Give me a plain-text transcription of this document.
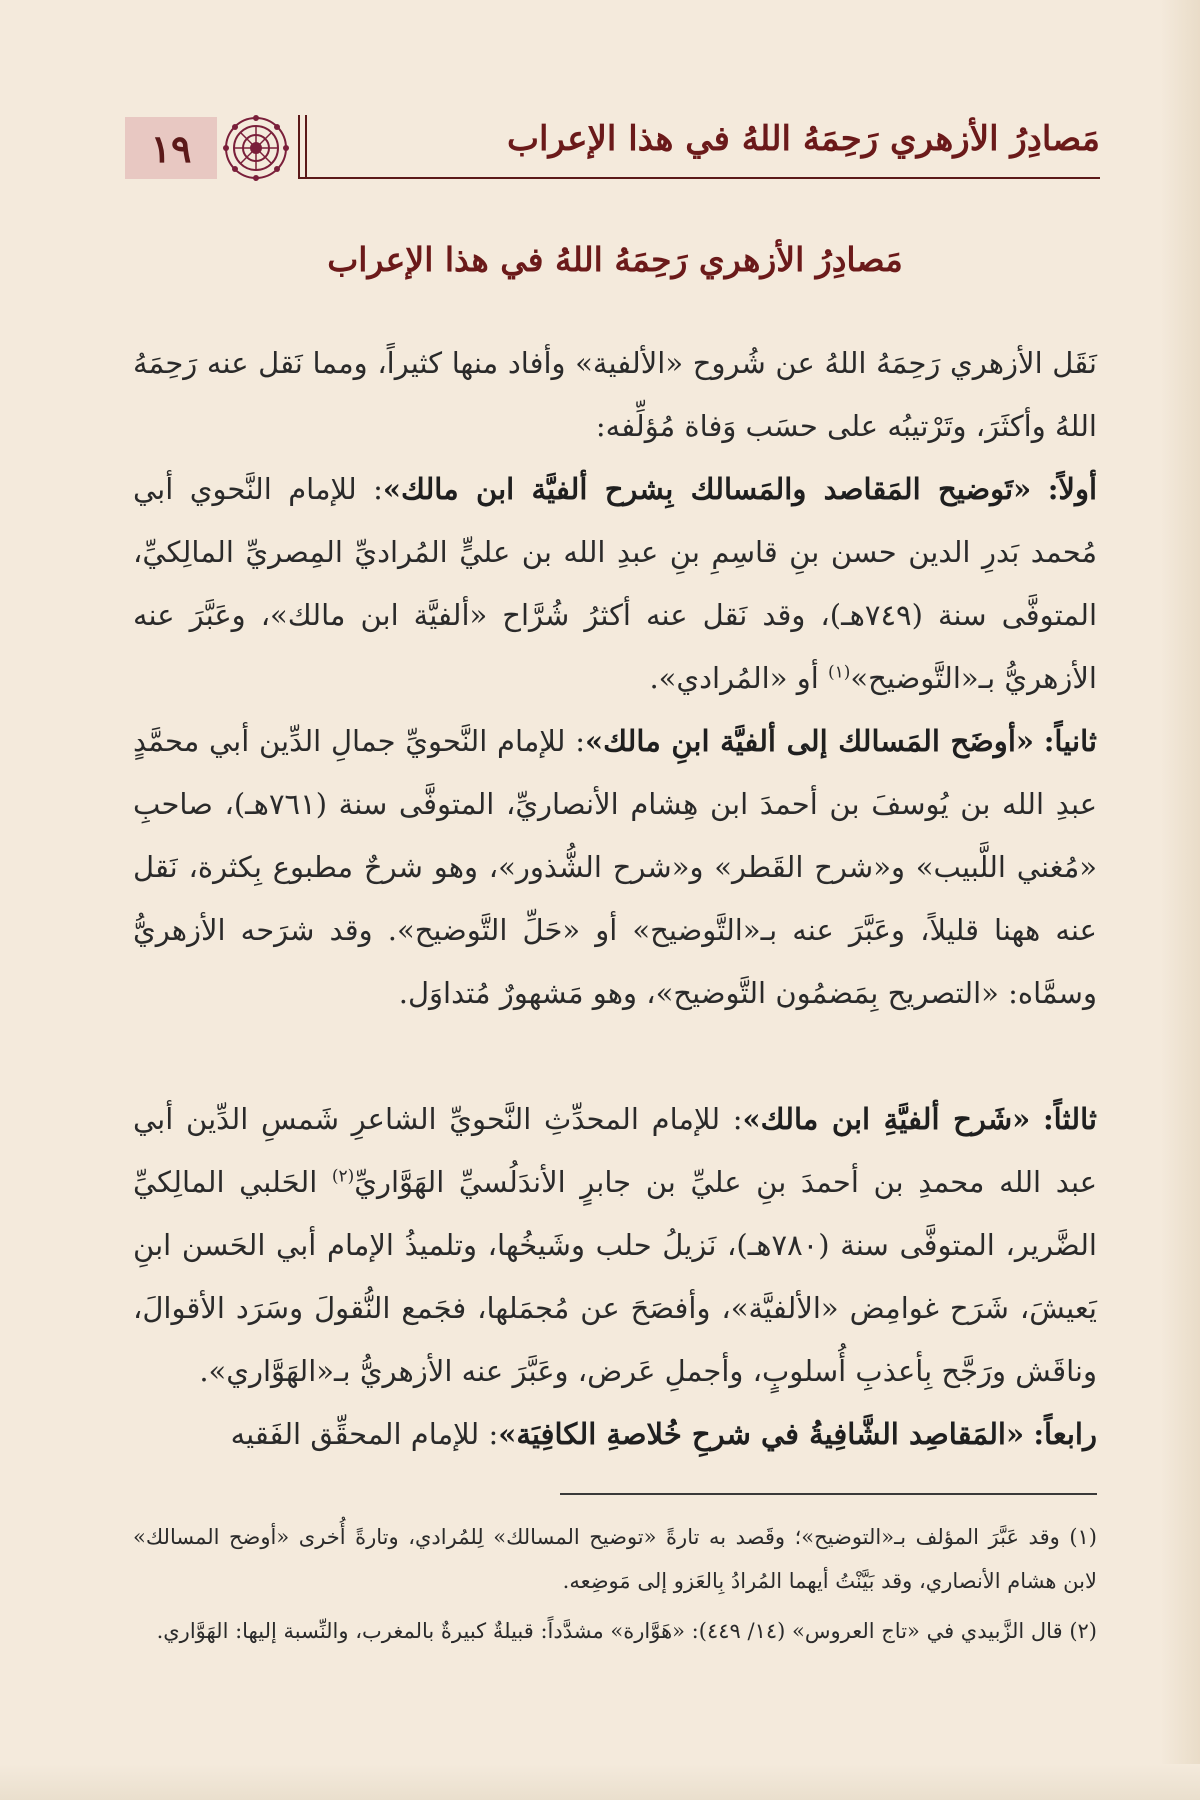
مَصادِرُ الأزهري رَحِمَهُ اللهُ في هذا الإعراب
١٩
مَصادِرُ الأزهري رَحِمَهُ اللهُ في هذا الإعراب

نَقَل الأزهري رَحِمَهُ اللهُ عن شُروح «الألفية» وأفاد منها كثيراً، ومما نَقل عنه رَحِمَهُ اللهُ وأكثَرَ، وتَرْتيبُه على حسَب وَفاة مُؤلِّفه:

أولاً: «تَوضيح المَقاصد والمَسالك بِشرح ألفيَّة ابن مالك»: للإمام النَّحوي أبي مُحمد بَدرِ الدين حسن بنِ قاسِمِ بنِ عبدِ الله بن عليٍّ المُراديِّ المِصريِّ المالِكيِّ، المتوفَّى سنة (٧٤٩هـ)، وقد نَقل عنه أكثرُ شُرَّاح «ألفيَّة ابن مالك»، وعَبَّرَ عنه الأزهريُّ بـ«التَّوضيح»$^{(١)}$ أو «المُرادي».

ثانياً: «أوضَح المَسالك إلى ألفيَّة ابنِ مالك»: للإمام النَّحويِّ جمالِ الدِّين أبي محمَّدٍ عبدِ الله بن يُوسفَ بن أحمدَ ابن هِشام الأنصاريِّ، المتوفَّى سنة (٧٦١هـ)، صاحبِ «مُغني اللَّبيب» و«شرح القَطر» و«شرح الشُّذور»، وهو شرحٌ مطبوع بِكثرة، نَقل عنه ههنا قليلاً، وعَبَّرَ عنه بـ«التَّوضيح» أو «حَلِّ التَّوضيح». وقد شرَحه الأزهريُّ وسمَّاه: «التصريح بِمَضمُون التَّوضيح»، وهو مَشهورٌ مُتداوَل.

ثالثاً: «شَرح ألفيَّةِ ابن مالك»: للإمام المحدِّثِ النَّحويِّ الشاعرِ شَمسِ الدِّين أبي عبد الله محمدِ بن أحمدَ بنِ عليِّ بن جابرٍ الأندَلُسيِّ الهَوَّاريِّ$^{(٢)}$ الحَلبي المالِكيِّ الضَّرير، المتوفَّى سنة (٧٨٠هـ)، نَزيلُ حلب وشَيخُها، وتلميذُ الإمام أبي الحَسن ابنِ يَعيشَ، شَرَح غوامِض «الألفيَّة»، وأفصَحَ عن مُجمَلها، فجَمع النُّقولَ وسَرَد الأقوالَ، وناقَش ورَجَّح بِأعذبِ أُسلوبٍ، وأجملِ عَرض، وعَبَّرَ عنه الأزهريُّ بـ«الهَوَّاري».

رابعاً: «المَقاصِد الشَّافِيةُ في شرحِ خُلاصةِ الكافِيَة»: للإمام المحقِّق الفَقيه

(١) وقد عَبَّرَ المؤلف بـ«التوضيح»؛ وقَصد به تارةً «توضيح المسالك» لِلمُرادي، وتارةً أُخرى «أوضح المسالك» لابن هشام الأنصاري، وقد بَيَّنْتُ أيهما المُرادُ بِالعَزو إلى مَوضِعه.

(٢) قال الزَّبيدي في «تاج العروس» (١٤/ ٤٤٩): «هَوَّارة» مشدَّداً: قبيلةٌ كبيرةٌ بالمغرب، والنِّسبة إليها: الهَوَّاري.
